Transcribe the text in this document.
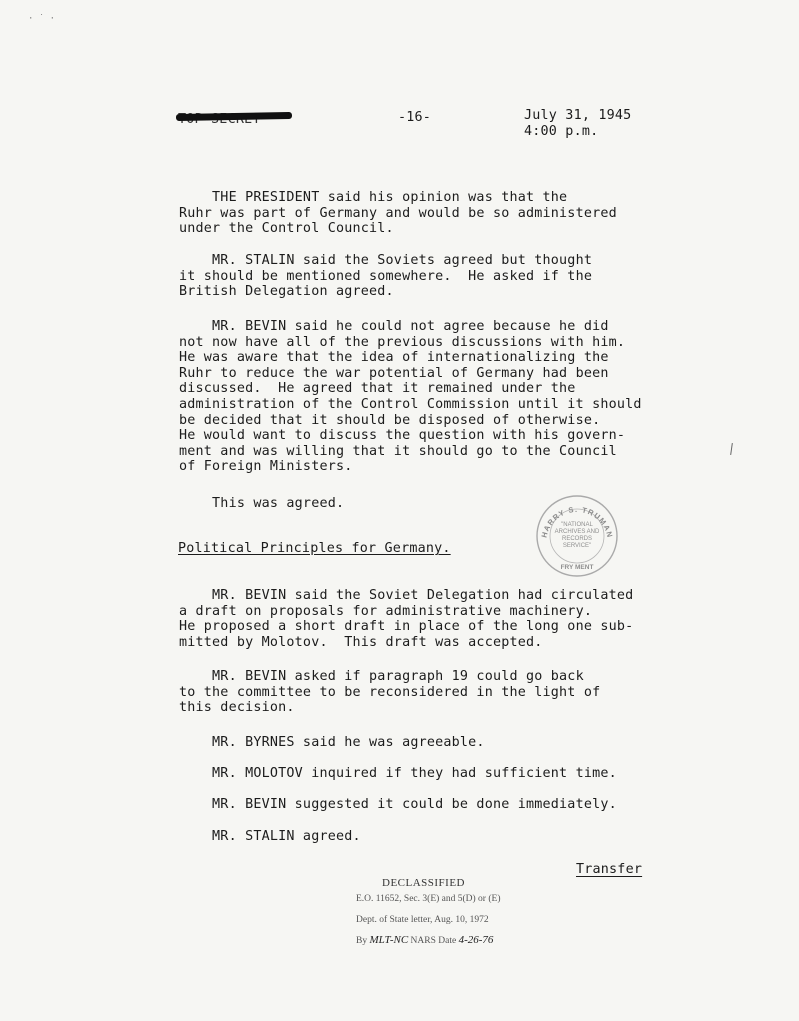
· ˙ ·
-16-	July 31, 1945
4:00 p.m.
THE PRESIDENT said his opinion was that the
Ruhr was part of Germany and would be so administered
under the Control Council.
MR. STALIN said the Soviets agreed but thought
it should be mentioned somewhere.  He asked if the
British Delegation agreed.
MR. BEVIN said he could not agree because he did
not now have all of the previous discussions with him.
He was aware that the idea of internationalizing the
Ruhr to reduce the war potential of Germany had been
discussed.  He agreed that it remained under the
administration of the Control Commission until it should
be decided that it should be disposed of otherwise.
He would want to discuss the question with his govern-
ment and was willing that it should go to the Council
of Foreign Ministers.
This was agreed.
HARRY S. TRUMAN
"NATIONAL
ARCHIVES AND
RECORDS
SERVICE"
FRY MENT
Political Principles for Germany.
MR. BEVIN said the Soviet Delegation had circulated
a draft on proposals for administrative machinery.
He proposed a short draft in place of the long one sub-
mitted by Molotov.  This draft was accepted.
MR. BEVIN asked if paragraph 19 could go back
to the committee to be reconsidered in the light of
this decision.
MR. BYRNES said he was agreeable.
MR. MOLOTOV inquired if they had sufficient time.
MR. BEVIN suggested it could be done immediately.
MR. STALIN agreed.
Transfer
DECLASSIFIED
E.O. 11652, Sec. 3(E) and 5(D) or (E)
Dept. of State letter, Aug. 10, 1972
By MLT-NC NARS Date 4-26-76
